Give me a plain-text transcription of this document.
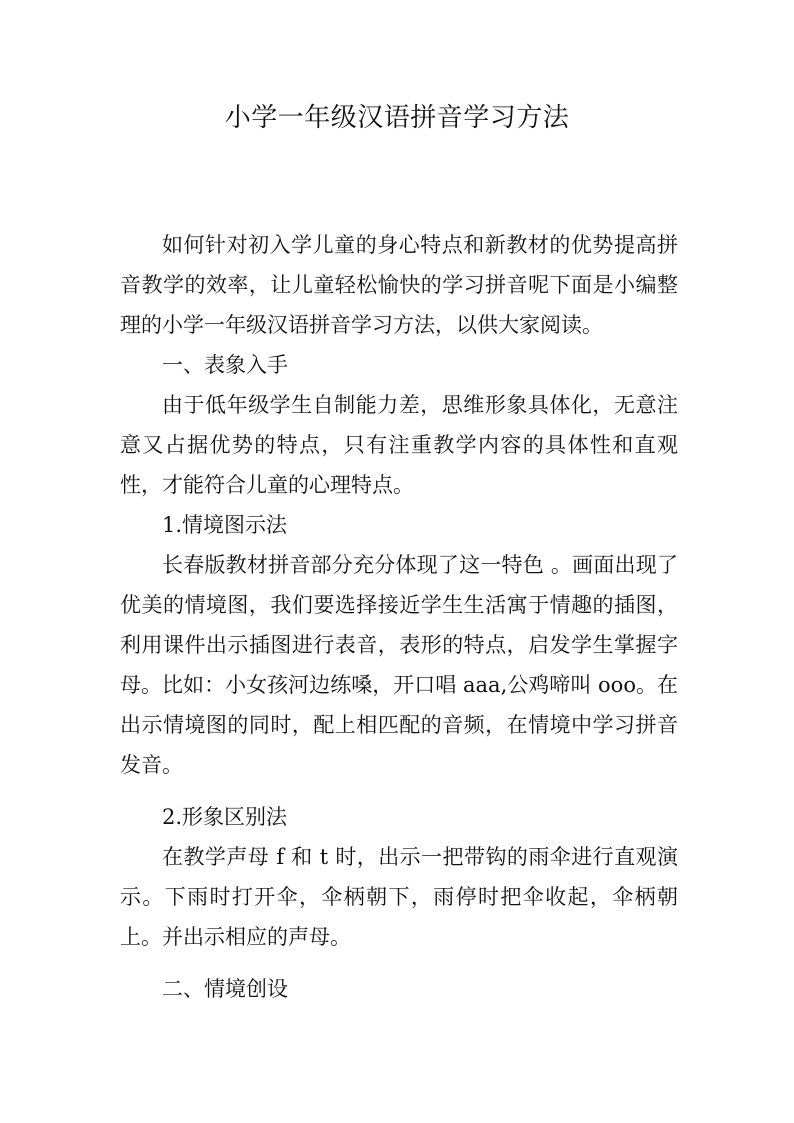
小学一年级汉语拼音学习方法

如何针对初入学儿童的身心特点和新教材的优势提高拼音教学的效率，让儿童轻松愉快的学习拼音呢下面是小编整理的小学一年级汉语拼音学习方法，以供大家阅读。

一、表象入手

由于低年级学生自制能力差，思维形象具体化，无意注意又占据优势的特点，只有注重教学内容的具体性和直观性，才能符合儿童的心理特点。

1.情境图示法

长春版教材拼音部分充分体现了这一特色 。画面出现了优美的情境图，我们要选择接近学生生活寓于情趣的插图，利用课件出示插图进行表音，表形的特点，启发学生掌握字母。比如：小女孩河边练嗓，开口唱 aaa,公鸡啼叫 ooo。在出示情境图的同时，配上相匹配的音频，在情境中学习拼音发音。

2.形象区别法

在教学声母 f 和 t 时，出示一把带钩的雨伞进行直观演示。下雨时打开伞，伞柄朝下，雨停时把伞收起，伞柄朝上。并出示相应的声母。

二、情境创设
